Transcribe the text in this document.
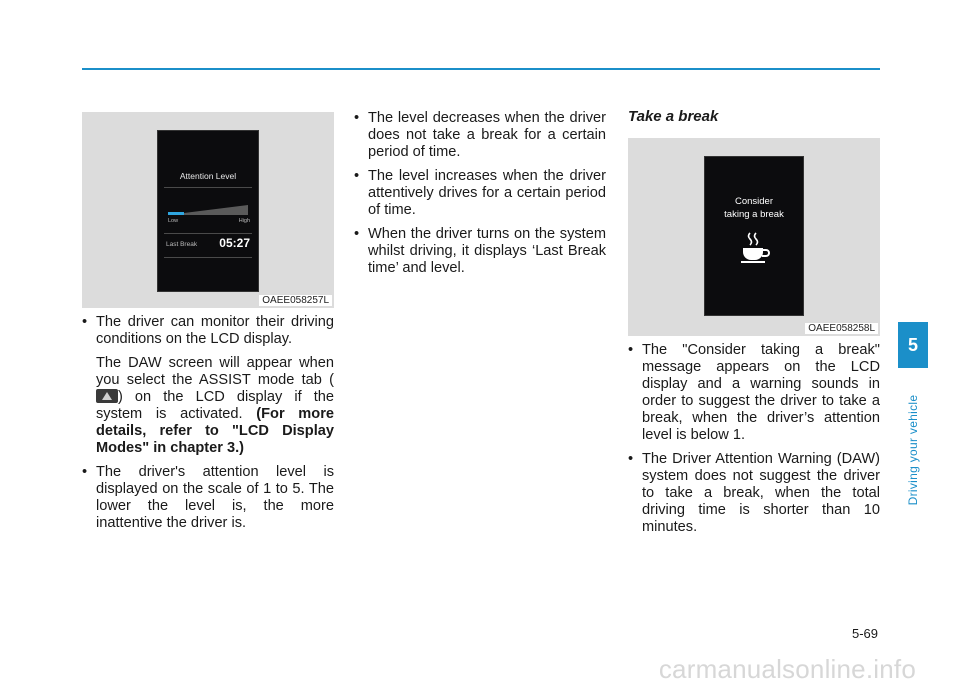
Attention Level
Low	High
Last Break 05:27
OAEE058257L

• The driver can monitor their driving conditions on the LCD display.

The DAW screen will appear when you select the ASSIST mode tab () on the LCD display if the system is activated. (For more details, refer to "LCD Display Modes" in chapter 3.)

• The driver's attention level is displayed on the scale of 1 to 5. The lower the level is, the more inattentive the driver is.

• The level decreases when the driver does not take a break for a certain period of time.

• The level increases when the driver attentively drives for a certain period of time.

• When the driver turns on the system whilst driving, it displays ‘Last Break time’ and level.

Take a break
Consider
taking a break
OAEE058258L

• The "Consider taking a break" message appears on the LCD display and a warning sounds in order to suggest the driver to take a break, when the driver’s attention level is below 1.

• The Driver Attention Warning (DAW) system does not suggest the driver to take a break, when the total driving time is shorter than 10 minutes.

5
Driving your vehicle
5-69
carmanualsonline.info
